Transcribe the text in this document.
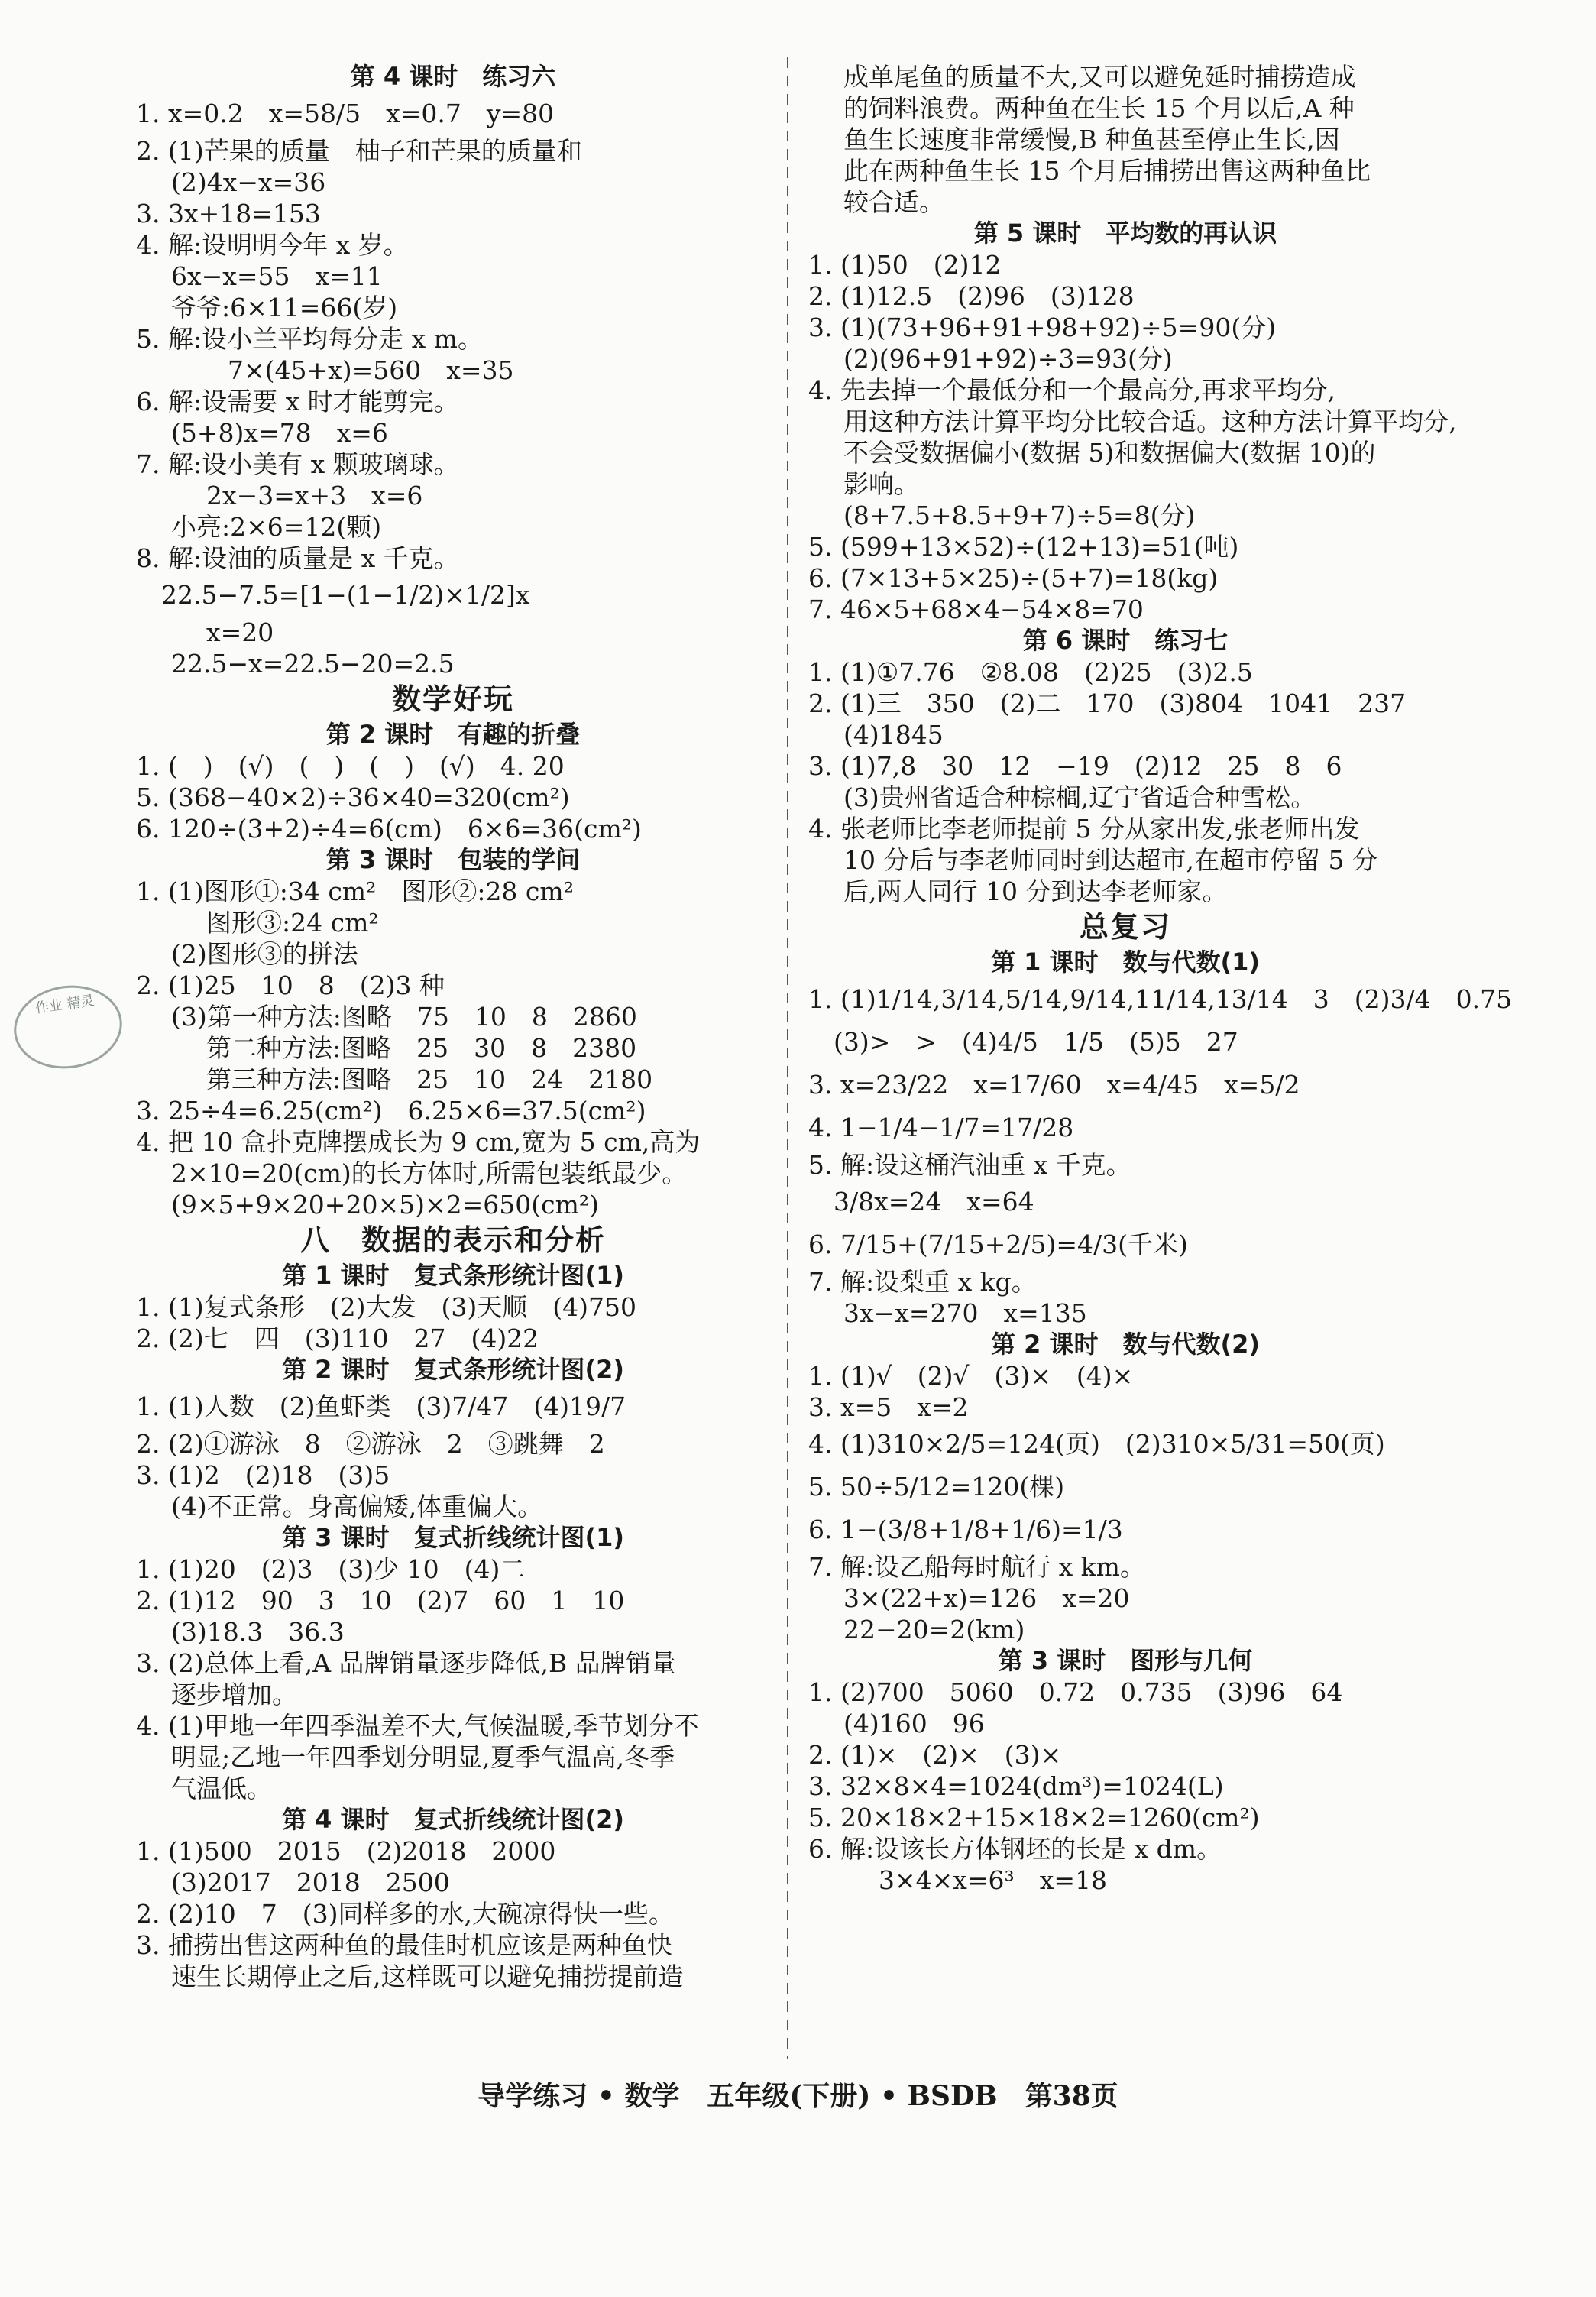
第 4 课时　练习六
1. x=0.2　x=58/5　x=0.7　y=80
2. (1)芒果的质量　柚子和芒果的质量和
(2)4x−x=36
3. 3x+18=153
4. 解:设明明今年 x 岁。
6x−x=55　x=11
爷爷:6×11=66(岁)
5. 解:设小兰平均每分走 x m。
7×(45+x)=560　x=35
6. 解:设需要 x 时才能剪完。
(5+8)x=78　x=6
7. 解:设小美有 x 颗玻璃球。
2x−3=x+3　x=6
小亮:2×6=12(颗)
8. 解:设油的质量是 x 千克。
　22.5−7.5=[1−(1−1/2)×1/2]x
x=20
22.5−x=22.5−20=2.5
数学好玩
第 2 课时　有趣的折叠
1. (　)　(√)　(　)　(　)　(√)　4. 20
5. (368−40×2)÷36×40=320(cm²)
6. 120÷(3+2)÷4=6(cm)　6×6=36(cm²)
第 3 课时　包装的学问
1. (1)图形①:34 cm²　图形②:28 cm²
图形③:24 cm²
(2)图形③的拼法
2. (1)25　10　8　(2)3 种
(3)第一种方法:图略　75　10　8　2860
第二种方法:图略　25　30　8　2380
第三种方法:图略　25　10　24　2180
3. 25÷4=6.25(cm²)　6.25×6=37.5(cm²)
4. 把 10 盒扑克牌摆成长为 9 cm,宽为 5 cm,高为
2×10=20(cm)的长方体时,所需包装纸最少。
(9×5+9×20+20×5)×2=650(cm²)
八　数据的表示和分析
第 1 课时　复式条形统计图(1)
1. (1)复式条形　(2)大发　(3)天顺　(4)750
2. (2)七　四　(3)110　27　(4)22
第 2 课时　复式条形统计图(2)
1. (1)人数　(2)鱼虾类　(3)7/47　(4)19/7
2. (2)①游泳　8　②游泳　2　③跳舞　2
3. (1)2　(2)18　(3)5
(4)不正常。身高偏矮,体重偏大。
第 3 课时　复式折线统计图(1)
1. (1)20　(2)3　(3)少 10　(4)二
2. (1)12　90　3　10　(2)7　60　1　10
(3)18.3　36.3
3. (2)总体上看,A 品牌销量逐步降低,B 品牌销量
逐步增加。
4. (1)甲地一年四季温差不大,气候温暖,季节划分不
明显;乙地一年四季划分明显,夏季气温高,冬季
气温低。
第 4 课时　复式折线统计图(2)
1. (1)500　2015　(2)2018　2000
(3)2017　2018　2500
2. (2)10　7　(3)同样多的水,大碗凉得快一些。
3. 捕捞出售这两种鱼的最佳时机应该是两种鱼快
速生长期停止之后,这样既可以避免捕捞提前造
成单尾鱼的质量不大,又可以避免延时捕捞造成
的饲料浪费。两种鱼在生长 15 个月以后,A 种
鱼生长速度非常缓慢,B 种鱼甚至停止生长,因
此在两种鱼生长 15 个月后捕捞出售这两种鱼比
较合适。
第 5 课时　平均数的再认识
1. (1)50　(2)12
2. (1)12.5　(2)96　(3)128
3. (1)(73+96+91+98+92)÷5=90(分)
(2)(96+91+92)÷3=93(分)
4. 先去掉一个最低分和一个最高分,再求平均分,
用这种方法计算平均分比较合适。这种方法计算平均分,
不会受数据偏小(数据 5)和数据偏大(数据 10)的
影响。
(8+7.5+8.5+9+7)÷5=8(分)
5. (599+13×52)÷(12+13)=51(吨)
6. (7×13+5×25)÷(5+7)=18(kg)
7. 46×5+68×4−54×8=70
第 6 课时　练习七
1. (1)①7.76　②8.08　(2)25　(3)2.5
2. (1)三　350　(2)二　170　(3)804　1041　237
(4)1845
3. (1)7,8　30　12　−19　(2)12　25　8　6
(3)贵州省适合种棕榈,辽宁省适合种雪松。
4. 张老师比李老师提前 5 分从家出发,张老师出发
10 分后与李老师同时到达超市,在超市停留 5 分
后,两人同行 10 分到达李老师家。
总复习
第 1 课时　数与代数(1)
1. (1)1/14,3/14,5/14,9/14,11/14,13/14　3　(2)3/4　0.75
　(3)>　>　(4)4/5　1/5　(5)5　27
3. x=23/22　x=17/60　x=4/45　x=5/2
4. 1−1/4−1/7=17/28
5. 解:设这桶汽油重 x 千克。
　3/8x=24　x=64
6. 7/15+(7/15+2/5)=4/3(千米)
7. 解:设梨重 x kg。
3x−x=270　x=135
第 2 课时　数与代数(2)
1. (1)√　(2)√　(3)×　(4)×
3. x=5　x=2
4. (1)310×2/5=124(页)　(2)310×5/31=50(页)
5. 50÷5/12=120(棵)
6. 1−(3/8+1/8+1/6)=1/3
7. 解:设乙船每时航行 x km。
3×(22+x)=126　x=20
22−20=2(km)
第 3 课时　图形与几何
1. (2)700　5060　0.72　0.735　(3)96　64
(4)160　96
2. (1)×　(2)×　(3)×
3. 32×8×4=1024(dm³)=1024(L)
5. 20×18×2+15×18×2=1260(cm²)
6. 解:设该长方体钢坯的长是 x dm。
3×4×x=6³　x=18
作业 精灵
导学练习 • 数学　五年级(下册) • BSDB　第38页
